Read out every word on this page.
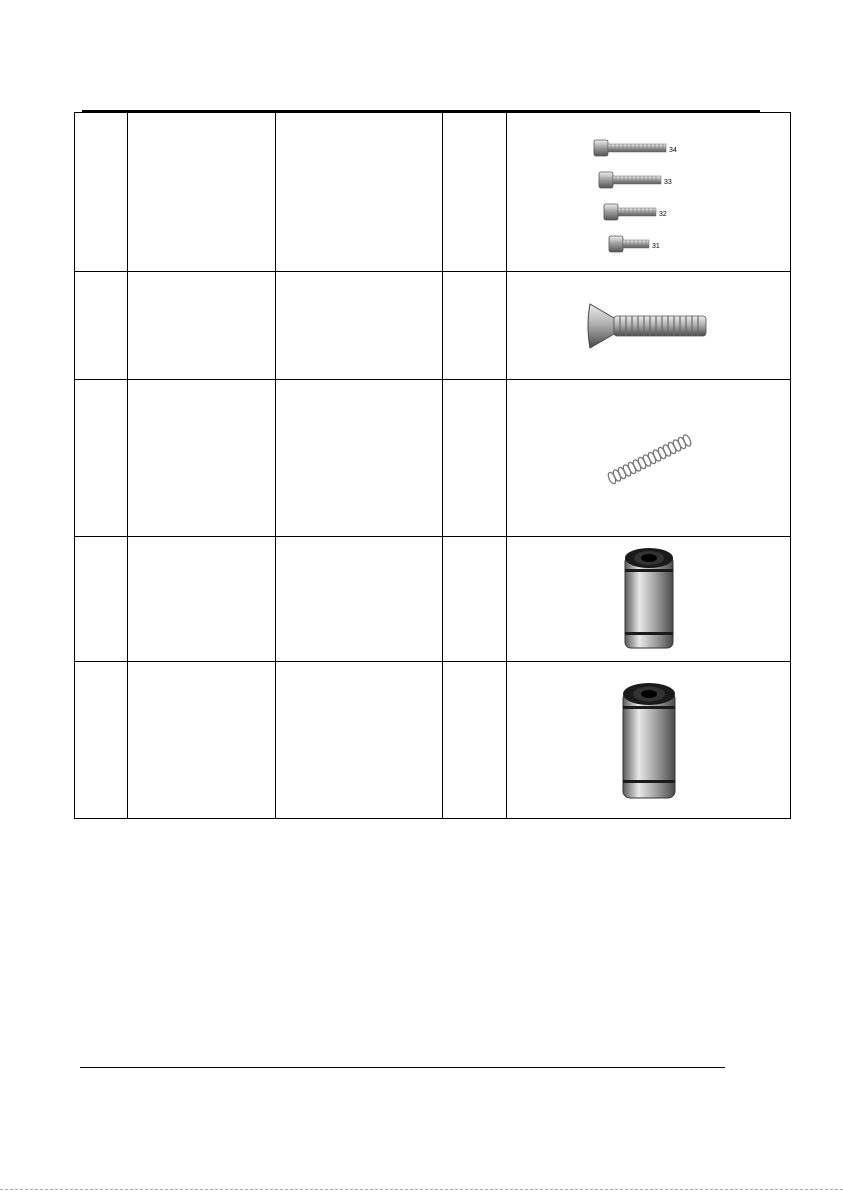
34
33
32
31
